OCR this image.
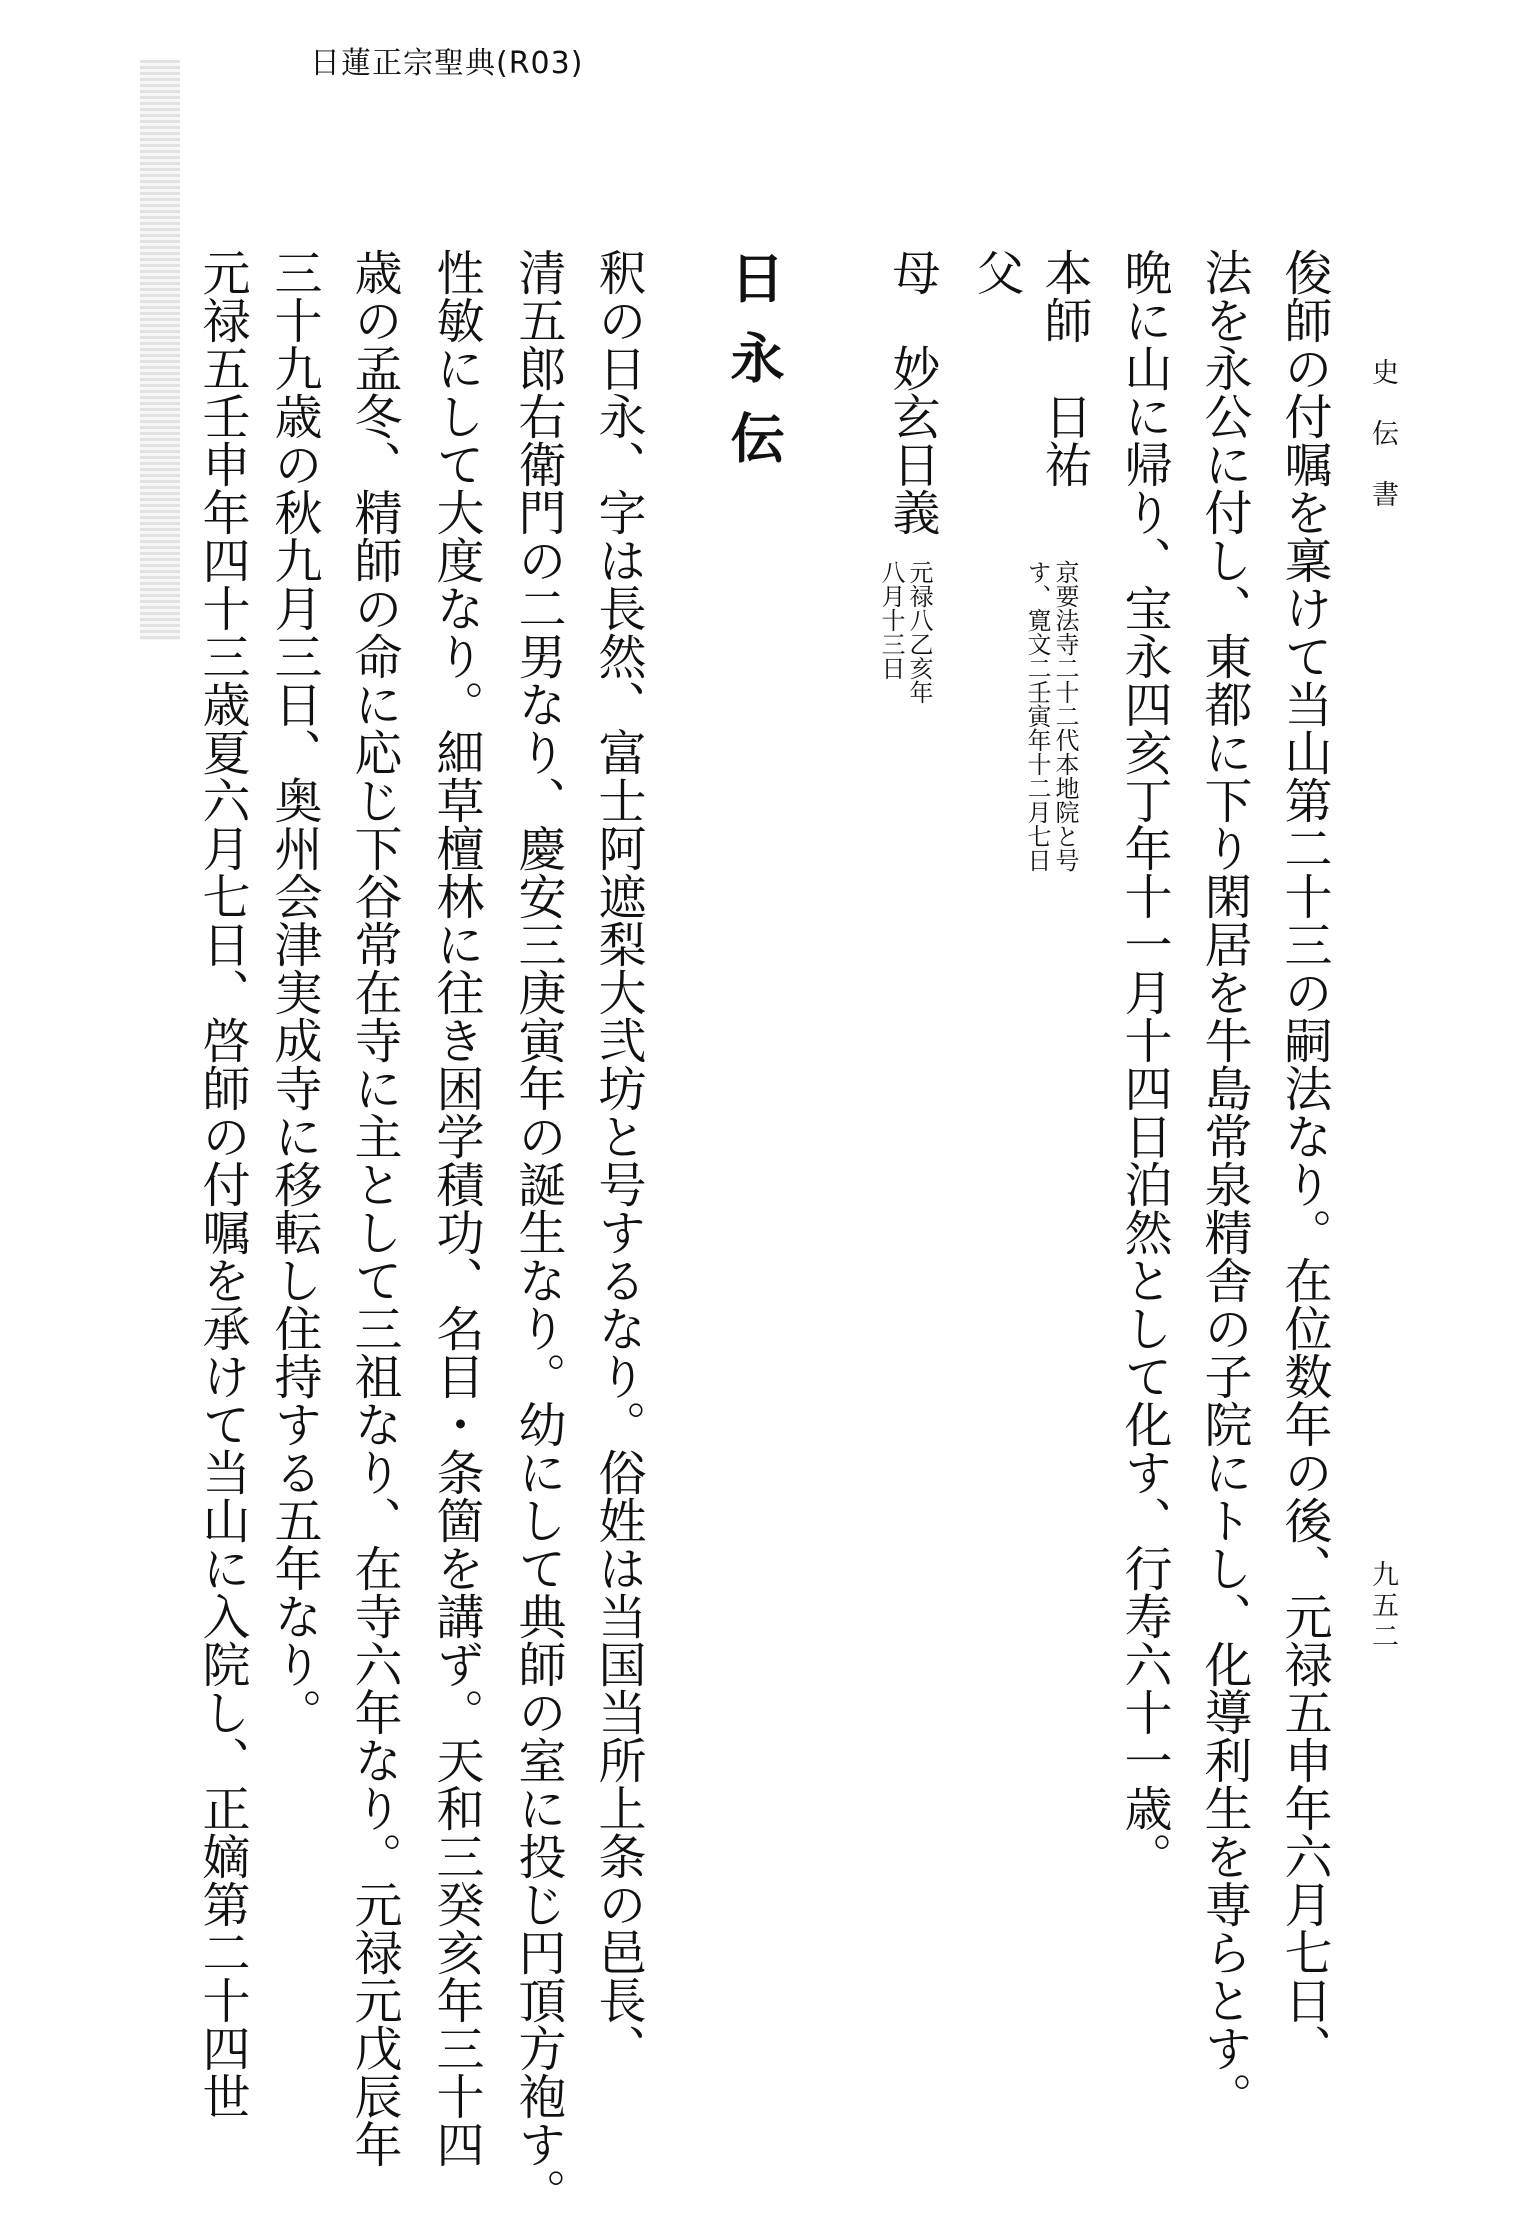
日蓮正宗聖典(R03)
史伝書
九五二
俊師の付嘱を稟けて当山第二十三の嗣法なり。在位数年の後、元禄五申年六月七日、
法を永公に付し、東都に下り閑居を牛島常泉精舎の子院にトし、化導利生を専らとす。
晩に山に帰り、宝永四亥丁年十一月十四日泊然として化す、行寿六十一歳。
本師　日祐
父
母　妙玄日義
京要法寺二十二代本地院と号
す、寛文二壬寅年十二月七日
元禄八乙亥年
八月十三日
日永伝
釈の日永、字は長然、富士阿遮梨大弐坊と号するなり。俗姓は当国当所上条の邑長、
清五郎右衛門の二男なり、慶安三庚寅年の誕生なり。幼にして典師の室に投じ円頂方袍す。
性敏にして大度なり。細草檀林に往き困学積功、名目・条箇を講ず。天和三癸亥年三十四
歳の孟冬、精師の命に応じ下谷常在寺に主として三祖なり、在寺六年なり。元禄元戊辰年
三十九歳の秋九月三日、奥州会津実成寺に移転し住持する五年なり。
元禄五壬申年四十三歳夏六月七日、啓師の付嘱を承けて当山に入院し、正嫡第二十四世
